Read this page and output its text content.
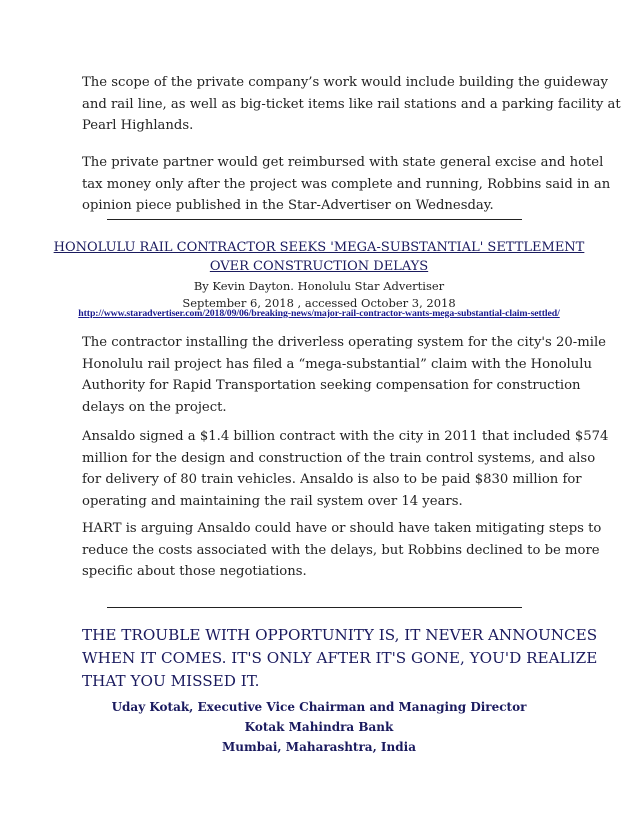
The scope of the private company’s work would include building the guideway
and rail line, as well as big-ticket items like rail stations and a parking facility at
Pearl Highlands.

The private partner would get reimbursed with state general excise and hotel
tax money only after the project was complete and running, Robbins said in an
opinion piece published in the Star-Advertiser on Wednesday.

HONOLULU RAIL CONTRACTOR SEEKS 'MEGA-SUBSTANTIAL' SETTLEMENT
OVER CONSTRUCTION DELAYS

By Kevin Dayton. Honolulu Star Advertiser

September 6, 2018 , accessed October 3, 2018

http://www.staradvertiser.com/2018/09/06/breaking-news/major-rail-contractor-wants-mega-substantial-claim-settled/

The contractor installing the driverless operating system for the city's 20-mile
Honolulu rail project has filed a “mega-substantial” claim with the Honolulu
Authority for Rapid Transportation seeking compensation for construction
delays on the project.

Ansaldo signed a $1.4 billion contract with the city in 2011 that included $574
million for the design and construction of the train control systems, and also
for delivery of 80 train vehicles. Ansaldo is also to be paid $830 million for
operating and maintaining the rail system over 14 years.

HART is arguing Ansaldo could have or should have taken mitigating steps to
reduce the costs associated with the delays, but Robbins declined to be more
specific about those negotiations.

THE TROUBLE WITH OPPORTUNITY IS, IT NEVER ANNOUNCES
WHEN IT COMES. IT'S ONLY AFTER IT'S GONE, YOU'D REALIZE
THAT YOU MISSED IT.

Uday Kotak, Executive Vice Chairman and Managing Director
Kotak Mahindra Bank
Mumbai, Maharashtra, India
